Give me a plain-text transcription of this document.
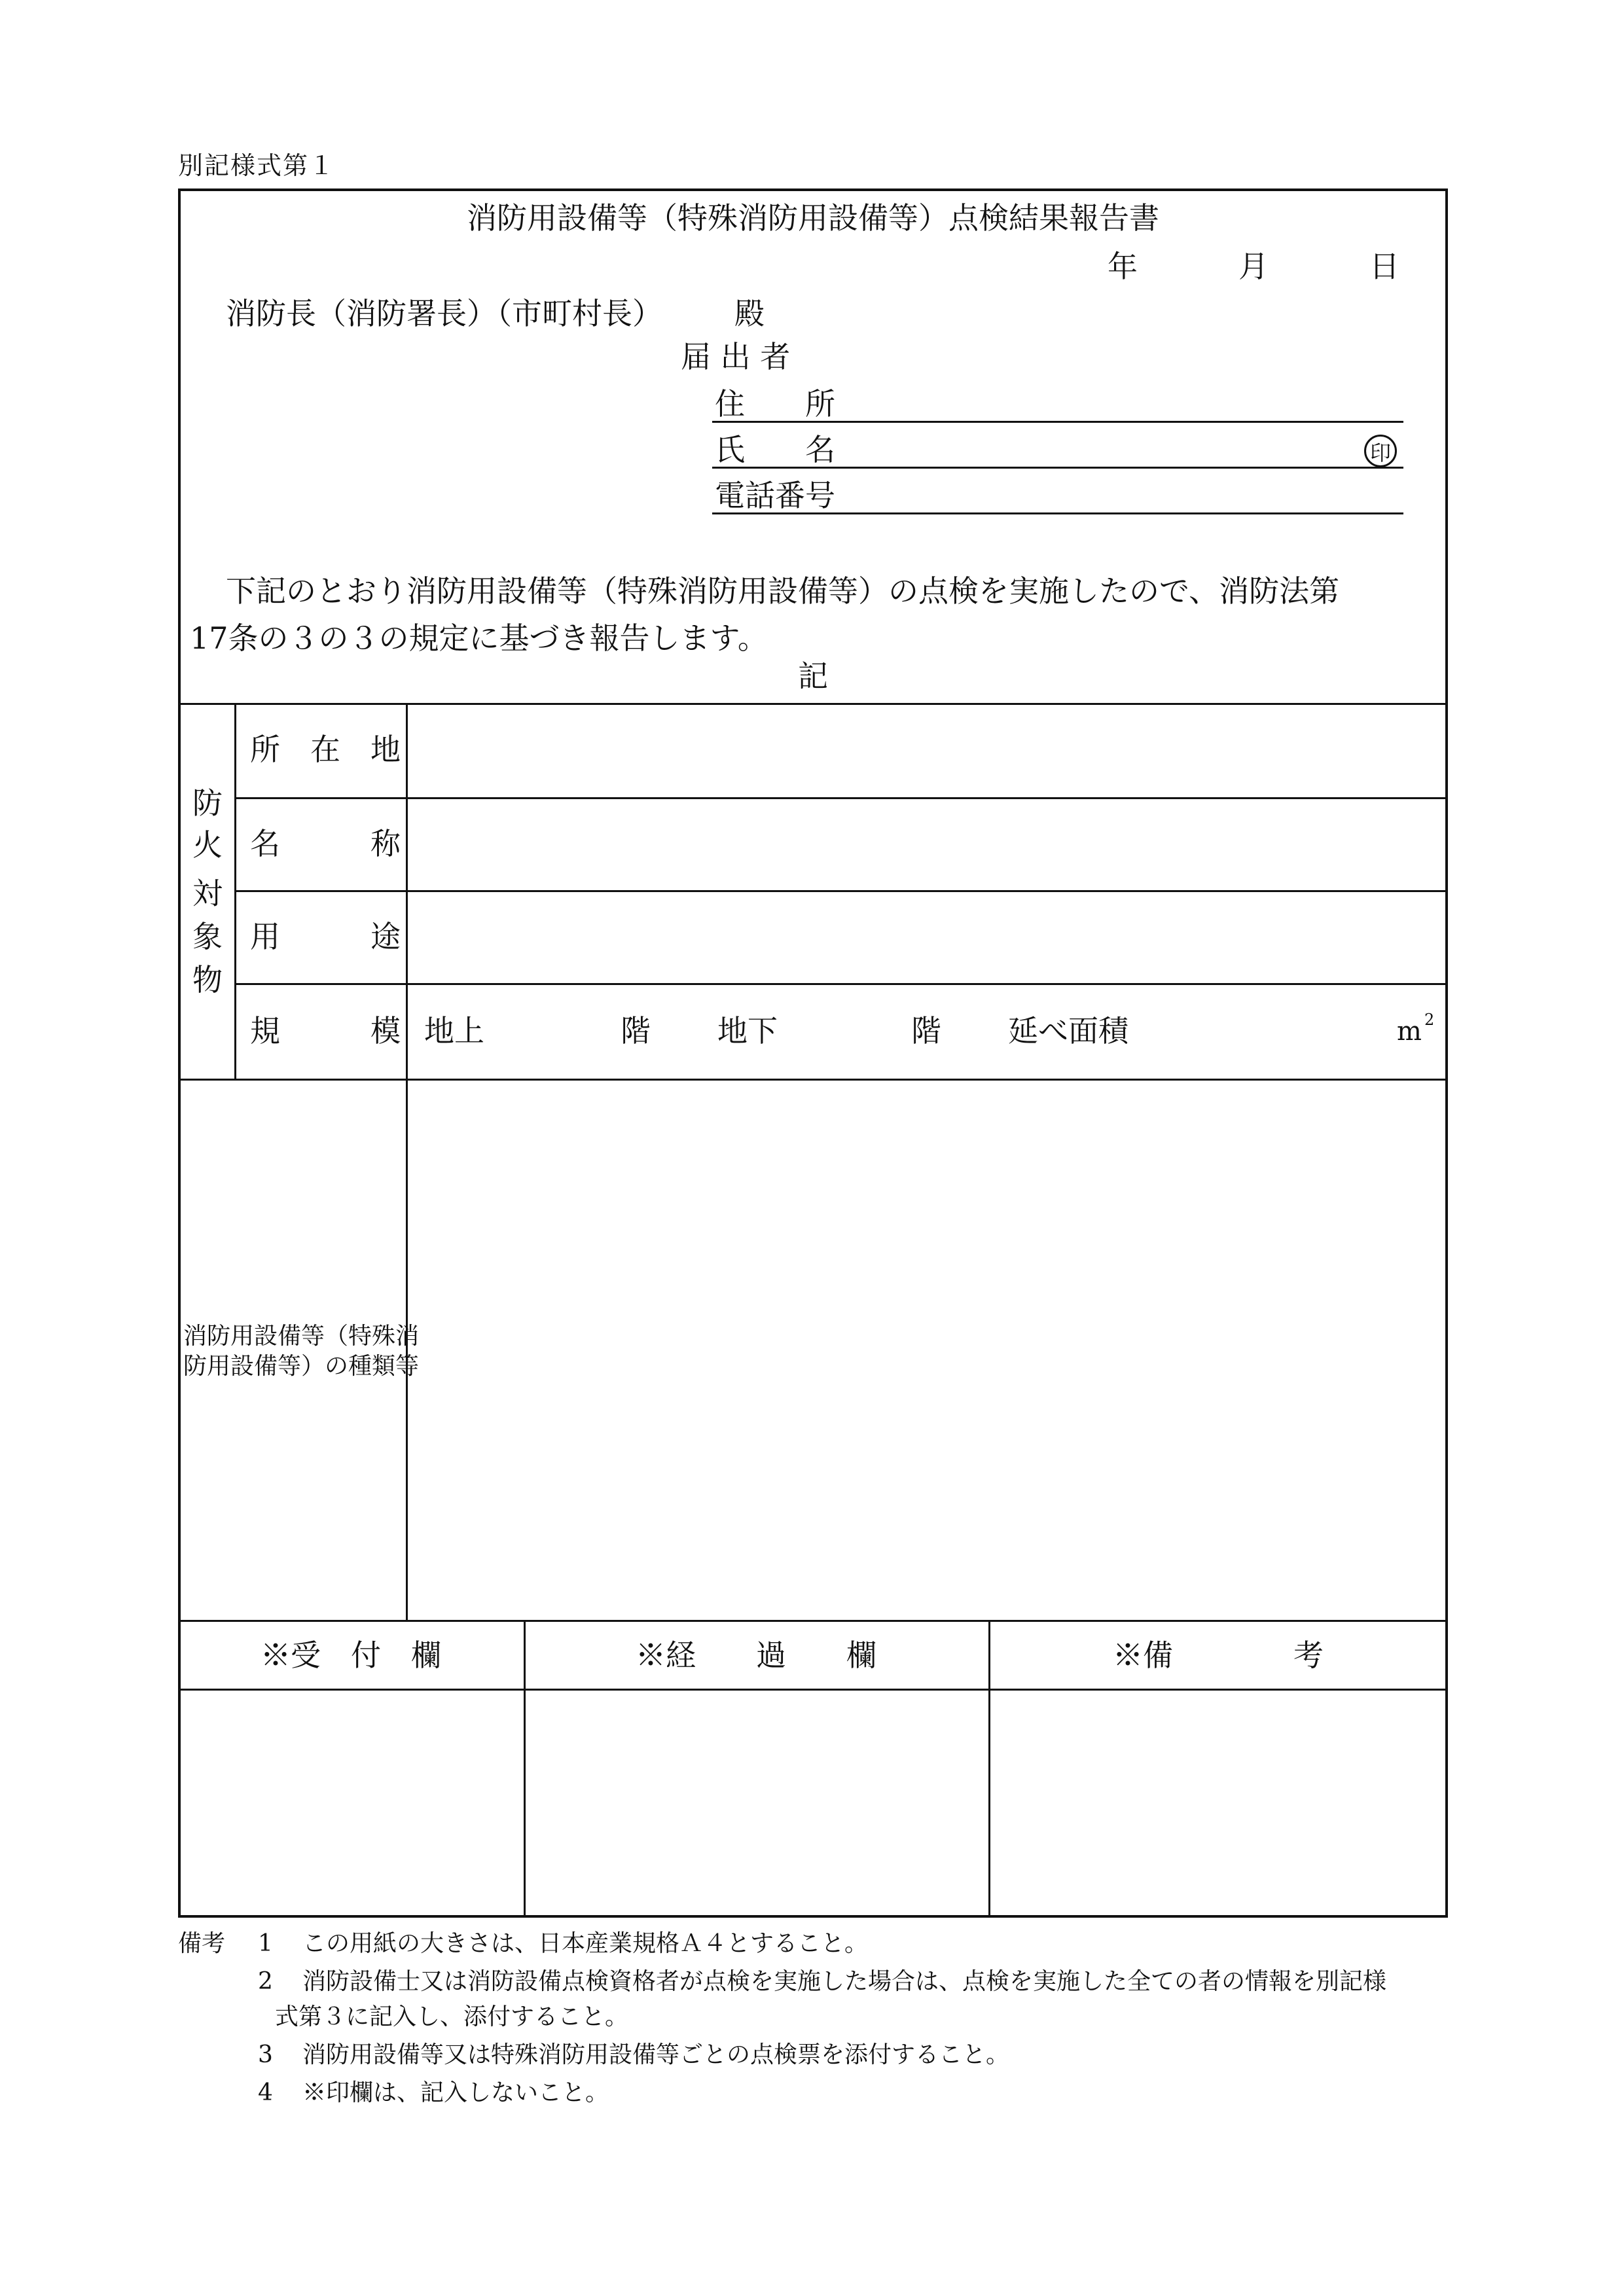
別記様式第１
消防用設備等（特殊消防用設備等）点検結果報告書
年	月	日
消防長（消防署長）（市町村長） 殿
届 出 者
住　　所
氏　　名	印
電話番号
下記のとおり消防用設備等（特殊消防用設備等）の点検を実施したので、消防法第
17条の３の３の規定に基づき報告します。
記
防
火
対
象
物
所　在　地
名　　　称
用　　　途
規　　　模 地上	階 地下	階 延べ面積	m 2
消防用設備等（特殊消
防用設備等）の種類等
※受　付　欄	※経　　過　　欄	※備　　　　考
備考 1 この用紙の大きさは、日本産業規格Ａ４とすること。
2 消防設備士又は消防設備点検資格者が点検を実施した場合は、点検を実施した全ての者の情報を別記様
式第３に記入し、添付すること。
3 消防用設備等又は特殊消防用設備等ごとの点検票を添付すること。
4 ※印欄は、記入しないこと。
